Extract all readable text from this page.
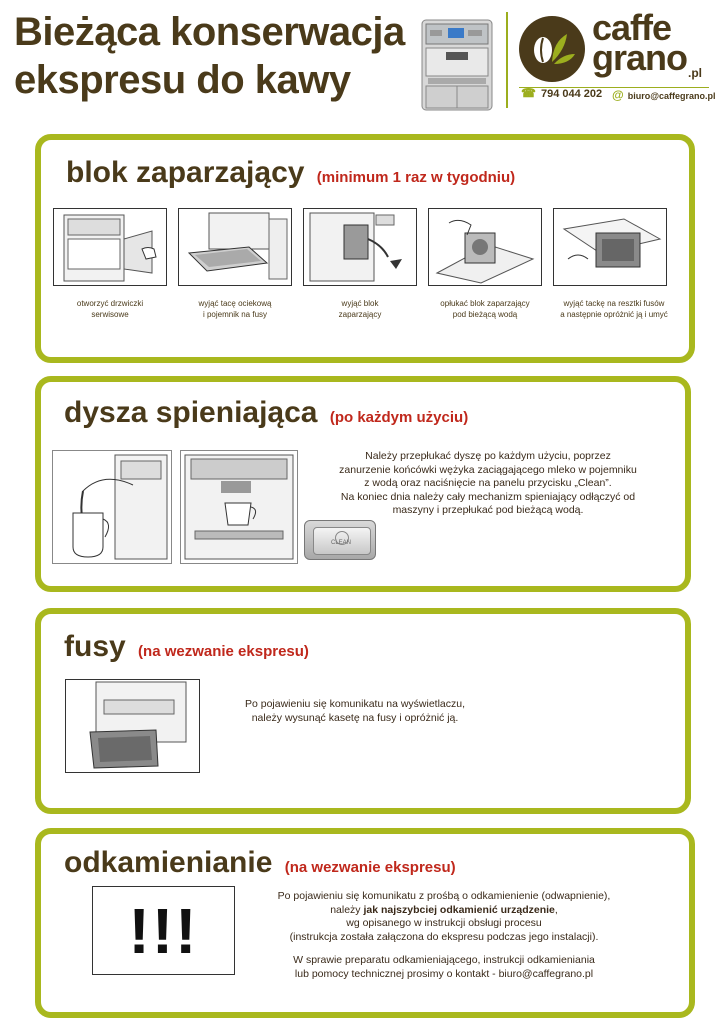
Bieżąca konserwacja
ekspresu do kawy
caffe
grano .pl
☎ 794 044 202 @ biuro@caffegrano.pl
blok zaparzający (minimum 1 raz w tygodniu)
otworzyć drzwiczki
serwisowe
wyjąć tacę ociekową
i pojemnik na fusy
wyjąć blok
zaparzający
opłukać blok zaparzający
pod bieżącą wodą
wyjąć tackę na resztki fusów
a następnie opróżnić ją i umyć
dysza spieniająca (po każdym użyciu)
Należy przepłukać dyszę po każdym użyciu, poprzez
zanurzenie końcówki wężyka zaciągającego mleko w pojemniku
z wodą oraz naciśnięcie na panelu przycisku „Clean”.
Na koniec dnia należy cały mechanizm spieniający odłączyć od
maszyny i przepłukać pod bieżącą wodą.
CLEAN
fusy (na wezwanie ekspresu)
Po pojawieniu się komunikatu na wyświetlaczu,
należy wysunąć kasetę na fusy i opróżnić ją.
odkamienianie (na wezwanie ekspresu)
!!!	Po pojawieniu się komunikatu z prośbą o odkamienienie (odwapnienie),
należy jak najszybciej odkamienić urządzenie,
wg opisanego w instrukcji obsługi procesu
(instrukcja została załączona do ekspresu podczas jego instalacji).
W sprawie preparatu odkamieniającego, instrukcji odkamieniania
lub pomocy technicznej prosimy o kontakt - biuro@caffegrano.pl
